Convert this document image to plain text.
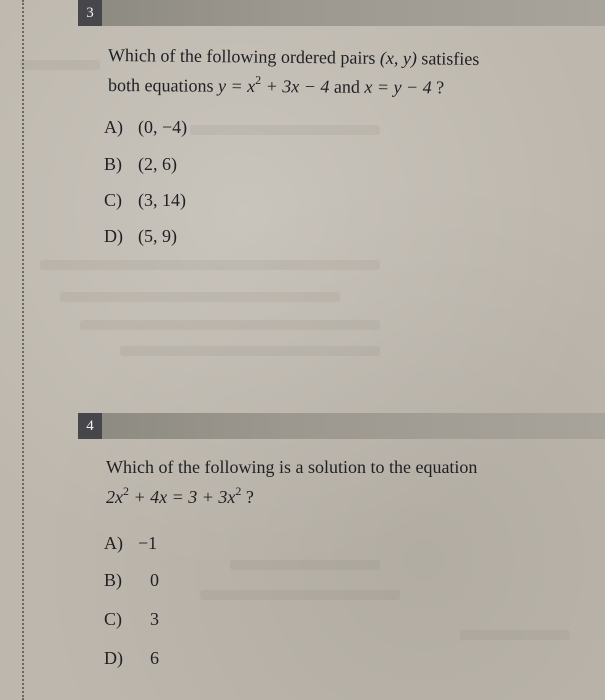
3
Which of the following ordered pairs (x, y) satisfies
both equations $y = x^2 + 3x - 4$ and x = y − 4 ?
A) (0, −4)
B) (2, 6)
C) (3, 14)
D) (5, 9)
4
Which of the following is a solution to the equation
$2x^2 + 4x = 3 + 3x^2$ ?
A) −1
B) 0
C) 3
D) 6
